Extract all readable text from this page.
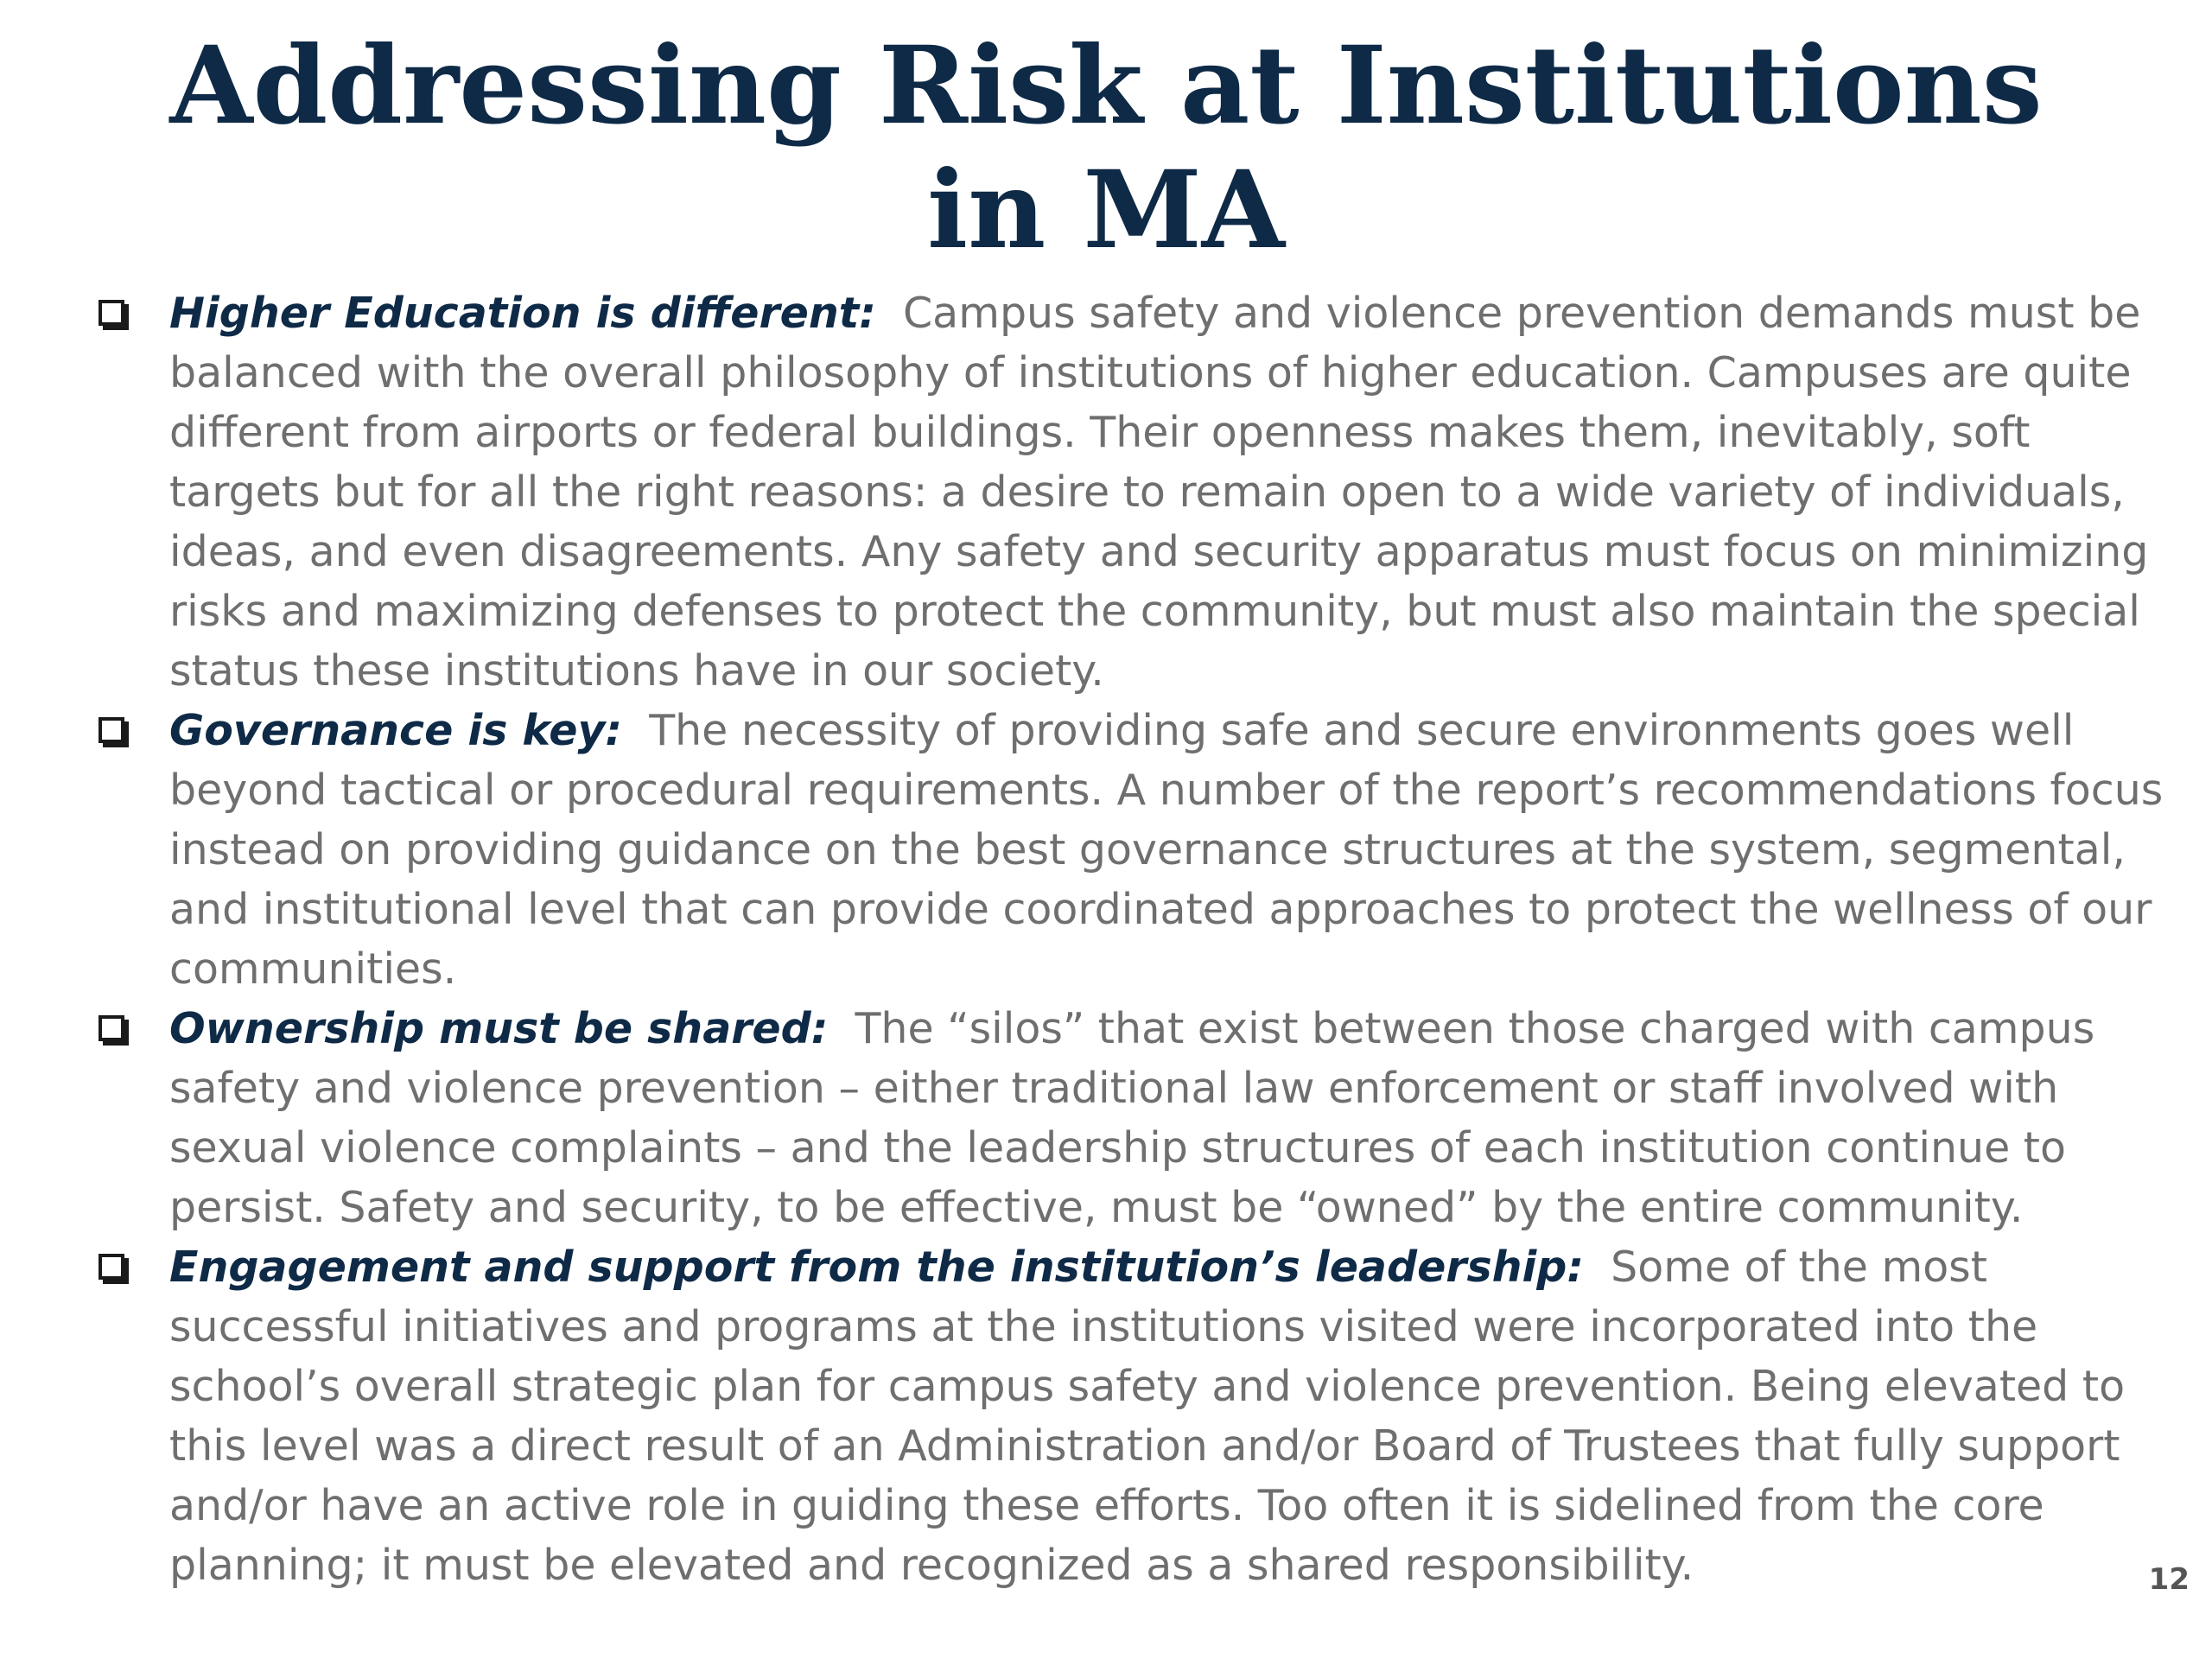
Addressing Risk at Institutions in MA
Higher Education is different: Campus safety and violence prevention demands must be balanced with the overall philosophy of institutions of higher education. Campuses are quite different from airports or federal buildings. Their openness makes them, inevitably, soft targets but for all the right reasons: a desire to remain open to a wide variety of individuals, ideas, and even disagreements. Any safety and security apparatus must focus on minimizing risks and maximizing defenses to protect the community, but must also maintain the special status these institutions have in our society.
Governance is key: The necessity of providing safe and secure environments goes well beyond tactical or procedural requirements. A number of the report’s recommendations focus instead on providing guidance on the best governance structures at the system, segmental, and institutional level that can provide coordinated approaches to protect the wellness of our communities.
Ownership must be shared: The “silos” that exist between those charged with campus safety and violence prevention – either traditional law enforcement or staff involved with sexual violence complaints – and the leadership structures of each institution continue to persist. Safety and security, to be effective, must be “owned” by the entire community.
Engagement and support from the institution’s leadership: Some of the most successful initiatives and programs at the institutions visited were incorporated into the school’s overall strategic plan for campus safety and violence prevention. Being elevated to this level was a direct result of an Administration and/or Board of Trustees that fully support and/or have an active role in guiding these efforts. Too often it is sidelined from the core planning; it must be elevated and recognized as a shared responsibility.	12
